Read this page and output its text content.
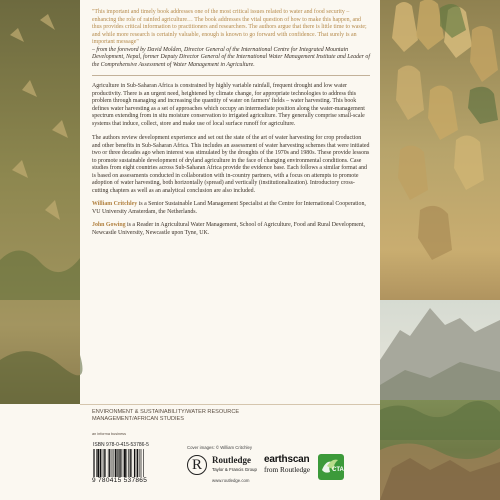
"This important and timely book addresses one of the most critical issues related to water and food security – enhancing the role of rainfed agriculture… The book addresses the vital question of how to make this happen, and thus provides critical information to practitioners and researchers. The authors argue that there is little time to waste; and while more research is certainly valuable, enough is known to go forward with confidence. That surely is an important message"

– from the foreword by David Molden, Director General of the International Centre for Integrated Mountain Development, Nepal, former Deputy Director General of the International Water Management Institute and Leader of the Comprehensive Assessment of Water Management in Agriculture.

Agriculture in Sub-Saharan Africa is constrained by highly variable rainfall, frequent drought and low water productivity. There is an urgent need, heightened by climate change, for appropriate technologies to address this problem through managing and increasing the quantity of water on farmers' fields – water harvesting. This book defines water harvesting as a set of approaches which occupy an intermediate position along the water-management spectrum extending from in situ moisture conservation to irrigated agriculture. They generally comprise small-scale systems that induce, collect, store and make use of local surface runoff for agriculture.

The authors review development experience and set out the state of the art of water harvesting for crop production and other benefits in Sub-Saharan Africa. This includes an assessment of water harvesting schemes that were initiated two or three decades ago when interest was stimulated by the droughts of the 1970s and 1980s. These provide lessons to promote sustainable development of dryland agriculture in the face of changing environmental conditions. Case studies from eight countries across Sub-Saharan Africa provide the evidence base. Each follows a similar format and is based on assessments conducted in collaboration with in-country partners, with a focus on attempts to promote adoption of water harvesting, both horizontally (spread) and vertically (institutionalization). Introductory cross-cutting chapters as well as an analytical conclusion are also included.

William Critchley is a Senior Sustainable Land Management Specialist at the Centre for International Cooperation, VU University Amsterdam, the Netherlands.

John Gowing is a Reader in Agricultural Water Management, School of Agriculture, Food and Rural Development, Newcastle University, Newcastle upon Tyne, UK.

ENVIRONMENT & SUSTAINABILITY/WATER RESOURCE MANAGEMENT/AFRICAN STUDIES
an informa business
ISBN 978-0-415-53786-5
9 780415 537865
Cover images: © William Critchley
R	Routledge
Taylor & Francis Group
earthscan
from Routledge
www.routledge.com
CTA
